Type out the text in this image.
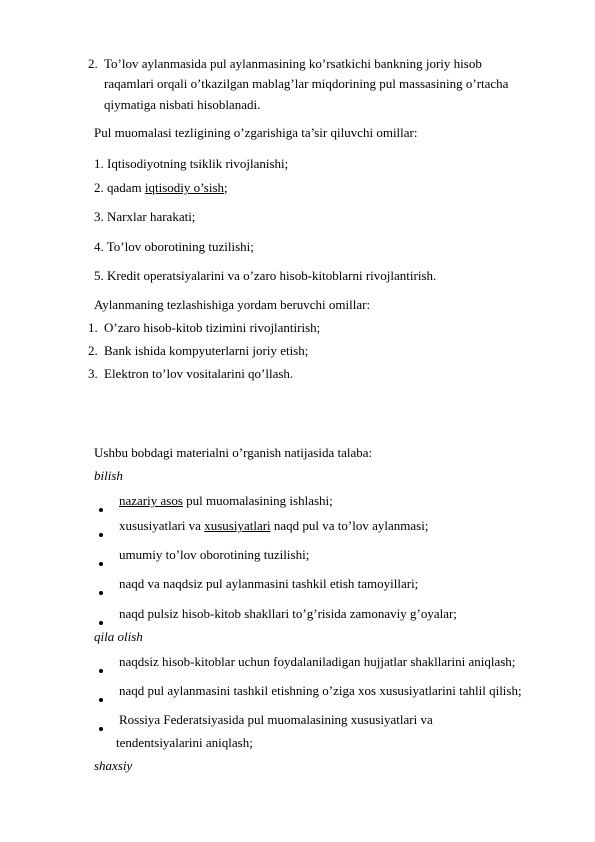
2. To’lov aylanmasida pul aylanmasining ko’rsatkichi bankning joriy hisob
raqamlari orqali o’tkazilgan mablag’lar miqdorining pul massasining o’rtacha
qiymatiga nisbati hisoblanadi.
Pul muomalasi tezligining o’zgarishiga ta’sir qiluvchi omillar:
1. Iqtisodiyotning tsiklik rivojlanishi;
2. qadam iqtisodiy o’sish;
3. Narxlar harakati;
4. To’lov oborotining tuzilishi;
5. Kredit operatsiyalarini va o’zaro hisob-kitoblarni rivojlantirish.
Aylanmaning tezlashishiga yordam beruvchi omillar:
1. O’zaro hisob-kitob tizimini rivojlantirish;
2. Bank ishida kompyuterlarni joriy etish;
3. Elektron to’lov vositalarini qo’llash.
Ushbu bobdagi materialni o’rganish natijasida talaba:
bilish
nazariy asos pul muomalasining ishlashi;
xususiyatlari va xususiyatlari naqd pul va to’lov aylanmasi;
umumiy to’lov oborotining tuzilishi;
naqd va naqdsiz pul aylanmasini tashkil etish tamoyillari;
naqd pulsiz hisob-kitob shakllari to’g’risida zamonaviy g’oyalar;
qila olish
naqdsiz hisob-kitoblar uchun foydalaniladigan hujjatlar shakllarini aniqlash;
naqd pul aylanmasini tashkil etishning o’ziga xos xususiyatlarini tahlil qilish;
Rossiya Federatsiyasida pul muomalasining xususiyatlari va
tendentsiyalarini aniqlash;
shaxsiy
